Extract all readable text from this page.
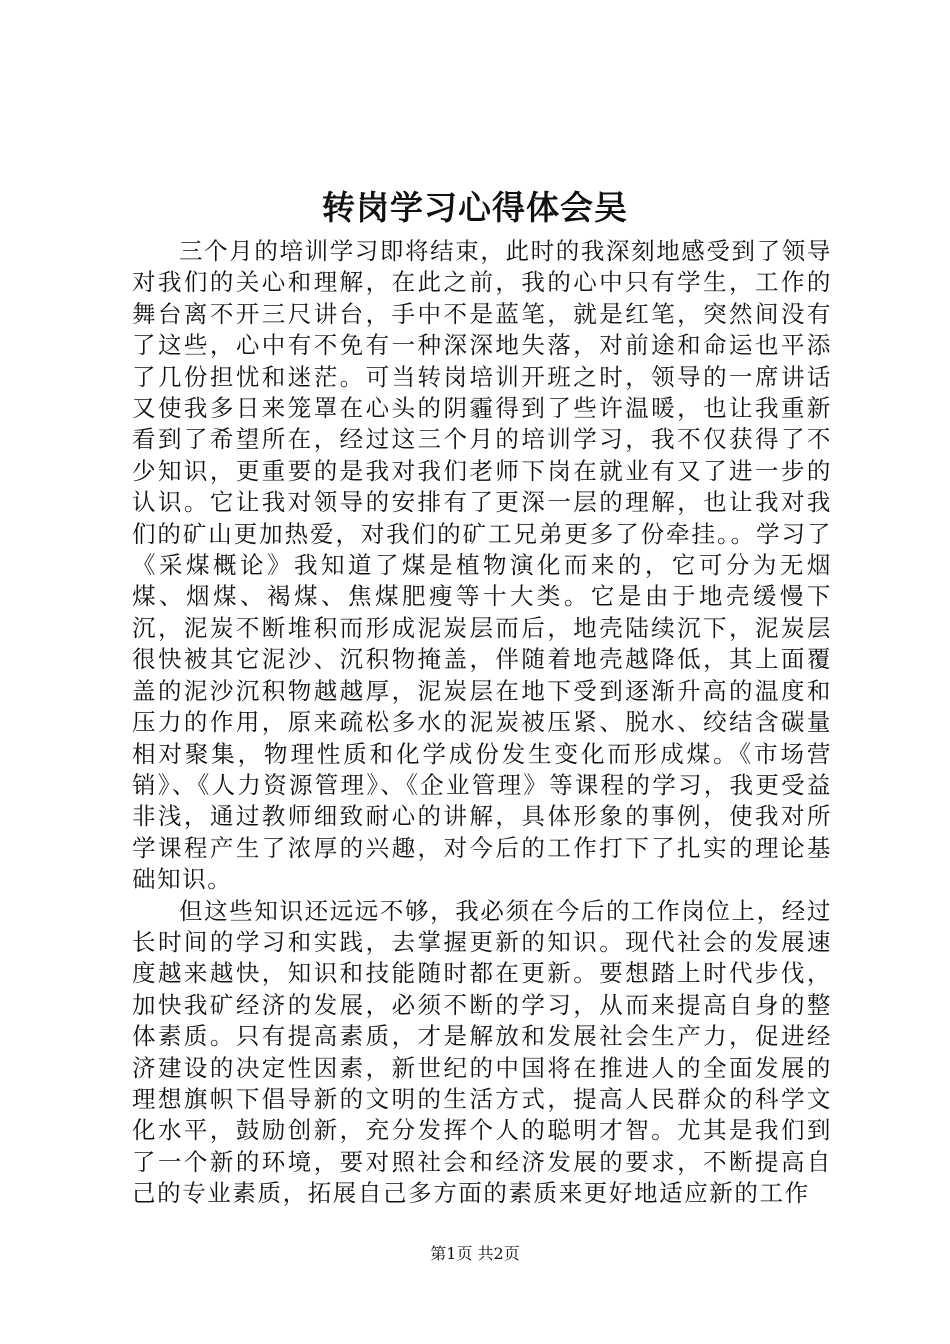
转岗学习心得体会吴

三个月的培训学习即将结束，此时的我深刻地感受到了领导对我们的关心和理解，在此之前，我的心中只有学生，工作的舞台离不开三尺讲台，手中不是蓝笔，就是红笔，突然间没有了这些，心中有不免有一种深深地失落，对前途和命运也平添了几份担忧和迷茫。可当转岗培训开班之时，领导的一席讲话又使我多日来笼罩在心头的阴霾得到了些许温暖，也让我重新看到了希望所在，经过这三个月的培训学习，我不仅获得了不少知识，更重要的是我对我们老师下岗在就业有又了进一步的认识。它让我对领导的安排有了更深一层的理解，也让我对我们的矿山更加热爱，对我们的矿工兄弟更多了份牵挂。。学习了《采煤概论》我知道了煤是植物演化而来的，它可分为无烟煤、烟煤、褐煤、焦煤肥瘦等十大类。它是由于地壳缓慢下沉，泥炭不断堆积而形成泥炭层而后，地壳陆续沉下，泥炭层很快被其它泥沙、沉积物掩盖，伴随着地壳越降低，其上面覆盖的泥沙沉积物越越厚，泥炭层在地下受到逐渐升高的温度和压力的作用，原来疏松多水的泥炭被压紧、脱水、绞结含碳量相对聚集，物理性质和化学成份发生变化而形成煤。《市场营销》、《人力资源管理》、《企业管理》等课程的学习，我更受益非浅，通过教师细致耐心的讲解，具体形象的事例，使我对所学课程产生了浓厚的兴趣，对今后的工作打下了扎实的理论基础知识。

但这些知识还远远不够，我必须在今后的工作岗位上，经过长时间的学习和实践，去掌握更新的知识。现代社会的发展速度越来越快，知识和技能随时都在更新。要想踏上时代步伐，加快我矿经济的发展，必须不断的学习，从而来提高自身的整体素质。只有提高素质，才是解放和发展社会生产力，促进经济建设的决定性因素，新世纪的中国将在推进人的全面发展的理想旗帜下倡导新的文明的生活方式，提高人民群众的科学文化水平，鼓励创新，充分发挥个人的聪明才智。尤其是我们到了一个新的环境，要对照社会和经济发展的要求，不断提高自己的专业素质，拓展自己多方面的素质来更好地适应新的工作

第1页 共2页
